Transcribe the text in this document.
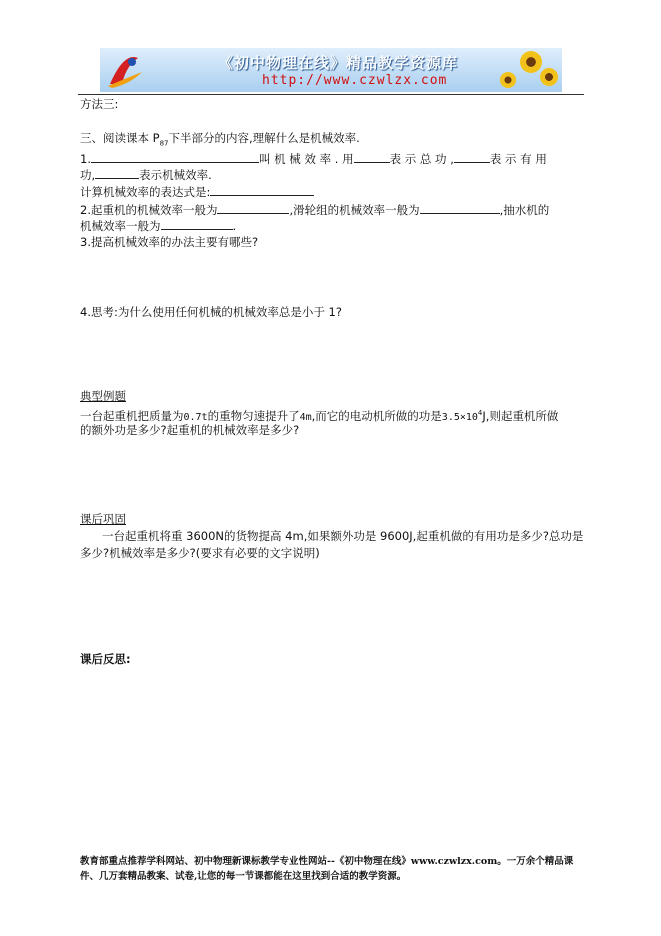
《初中物理在线》精品教学资源库
http://www.czwlzx.com
方法三:
三、阅读课本 $P_{87}$下半部分的内容,理解什么是机械效率.
1.	叫 机 械 效 率 . 用	表 示 总 功 ,	表 示 有 用
功,	表示机械效率.
计算机械效率的表达式是:
2.起重机的机械效率一般为	,滑轮组的机械效率一般为	,抽水机的
机械效率一般为	.
3.提高机械效率的办法主要有哪些?
4.思考:为什么使用任何机械的机械效率总是小于 1?
典型例题
一台起重机把质量为0.7t的重物匀速提升了4m,而它的电动机所做的功是$3.5\times 10^4J$,则起重机所做
的额外功是多少?起重机的机械效率是多少?
课后巩固
一台起重机将重 3600N的货物提高 4m,如果额外功是 9600J,起重机做的有用功是多少?总功是
多少?机械效率是多少?(要求有必要的文字说明)
课后反思:
教育部重点推荐学科网站、初中物理新课标教学专业性网站--《初中物理在线》www.czwlzx.com。一万余个精品课
件、几万套精品教案、试卷,让您的每一节课都能在这里找到合适的教学资源。
